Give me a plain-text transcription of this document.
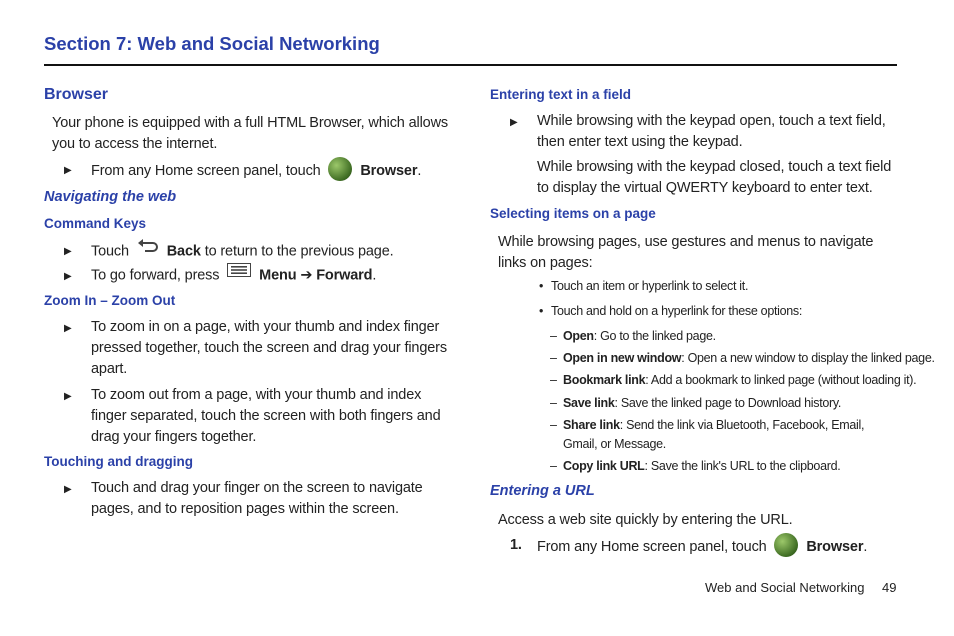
Section 7: Web and Social Networking
Browser
Your phone is equipped with a full HTML Browser, which allows you to access the internet.
▶ From any Home screen panel, touch	Browser.
Navigating the web
Command Keys
▶ Touch	Back to return to the previous page.
▶ To go forward, press	Menu ➔ Forward.
Zoom In – Zoom Out
▶ To zoom in on a page, with your thumb and index finger pressed together, touch the screen and drag your fingers apart.
▶ To zoom out from a page, with your thumb and index finger separated, touch the screen with both fingers and drag your fingers together.
Touching and dragging
▶ Touch and drag your finger on the screen to navigate pages, and to reposition pages within the screen.
Entering text in a field
▶ While browsing with the keypad open, touch a text field, then enter text using the keypad.
While browsing with the keypad closed, touch a text field to display the virtual QWERTY keyboard to enter text.
Selecting items on a page
While browsing pages, use gestures and menus to navigate links on pages:
• Touch an item or hyperlink to select it.
• Touch and hold on a hyperlink for these options:
– Open: Go to the linked page.
– Open in new window: Open a new window to display the linked page.
– Bookmark link: Add a bookmark to linked page (without loading it).
– Save link: Save the linked page to Download history.
– Share link: Send the link via Bluetooth, Facebook, Email, Gmail, or Message.
– Copy link URL: Save the link's URL to the clipboard.
Entering a URL
Access a web site quickly by entering the URL.
1. From any Home screen panel, touch	Browser.
Web and Social Networking 49
